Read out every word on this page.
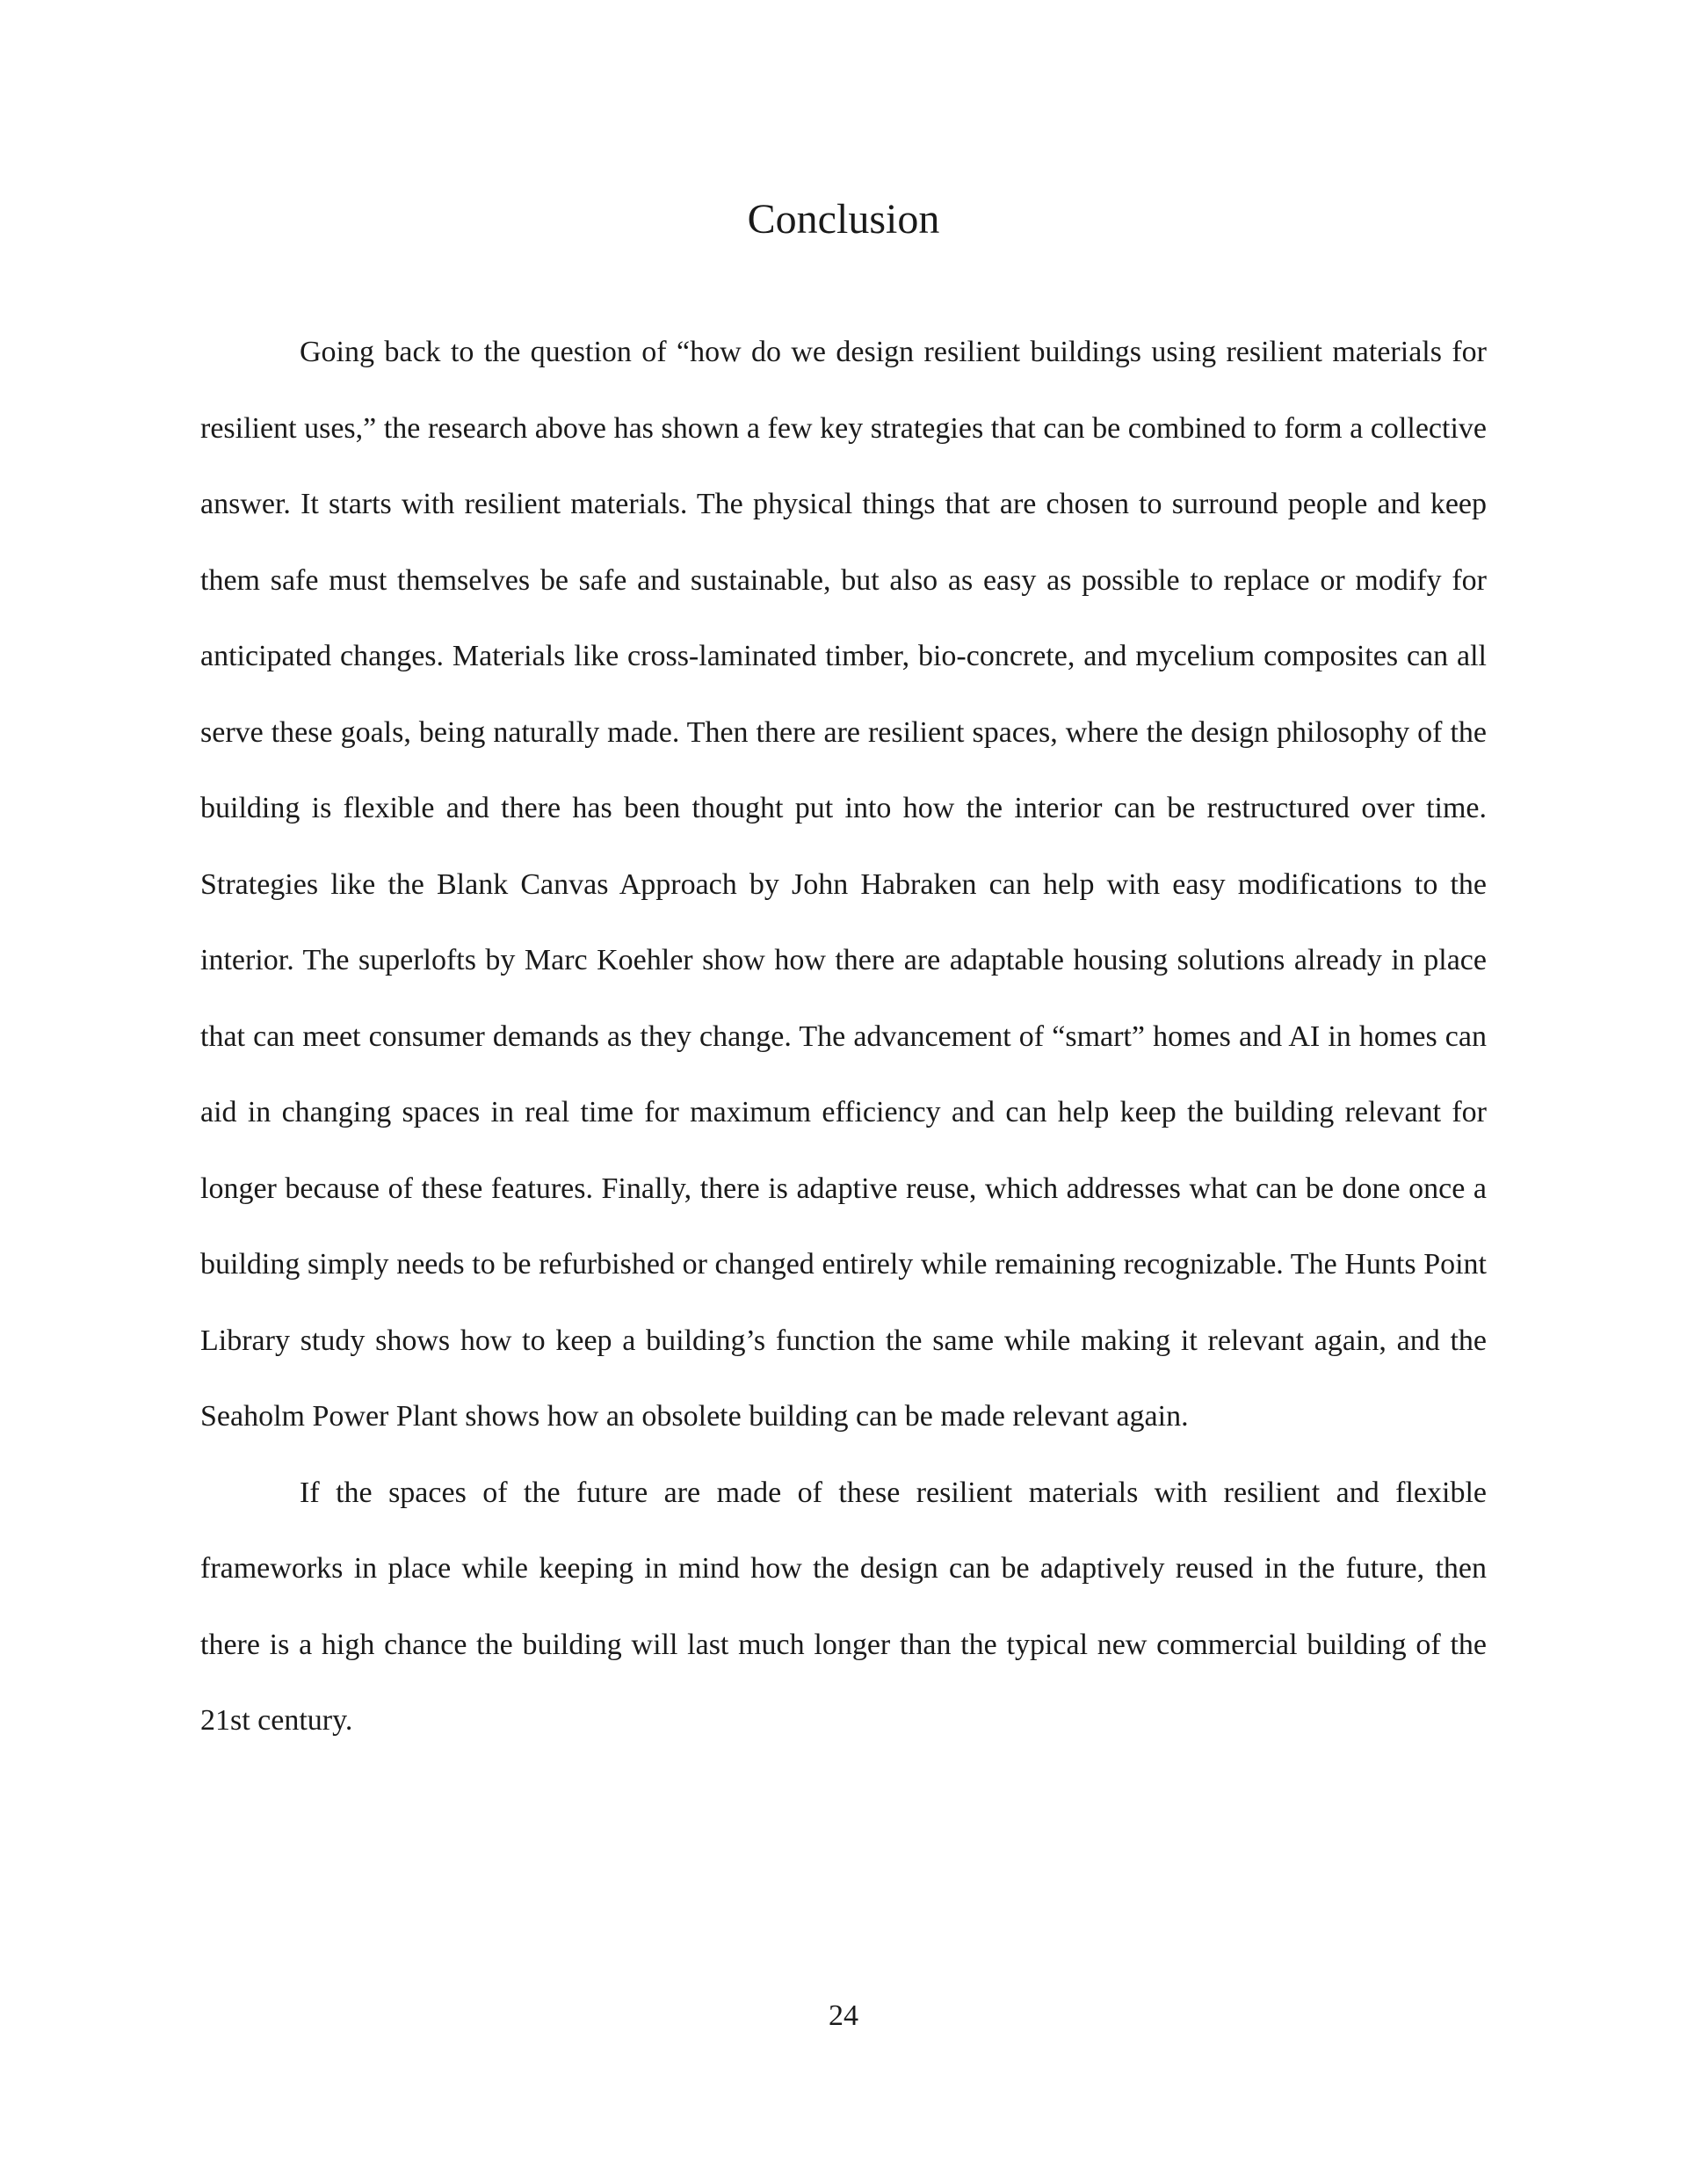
Conclusion

Going back to the question of “how do we design resilient buildings using resilient materials for resilient uses,” the research above has shown a few key strategies that can be combined to form a collective answer. It starts with resilient materials. The physical things that are chosen to surround people and keep them safe must themselves be safe and sustainable, but also as easy as possible to replace or modify for anticipated changes. Materials like cross-laminated timber, bio-concrete, and mycelium composites can all serve these goals, being naturally made. Then there are resilient spaces, where the design philosophy of the building is flexible and there has been thought put into how the interior can be restructured over time. Strategies like the Blank Canvas Approach by John Habraken can help with easy modifications to the interior. The superlofts by Marc Koehler show how there are adaptable housing solutions already in place that can meet consumer demands as they change. The advancement of “smart” homes and AI in homes can aid in changing spaces in real time for maximum efficiency and can help keep the building relevant for longer because of these features. Finally, there is adaptive reuse, which addresses what can be done once a building simply needs to be refurbished or changed entirely while remaining recognizable. The Hunts Point Library study shows how to keep a building’s function the same while making it relevant again, and the Seaholm Power Plant shows how an obsolete building can be made relevant again.

If the spaces of the future are made of these resilient materials with resilient and flexible frameworks in place while keeping in mind how the design can be adaptively reused in the future, then there is a high chance the building will last much longer than the typical new commercial building of the 21st century.

24
